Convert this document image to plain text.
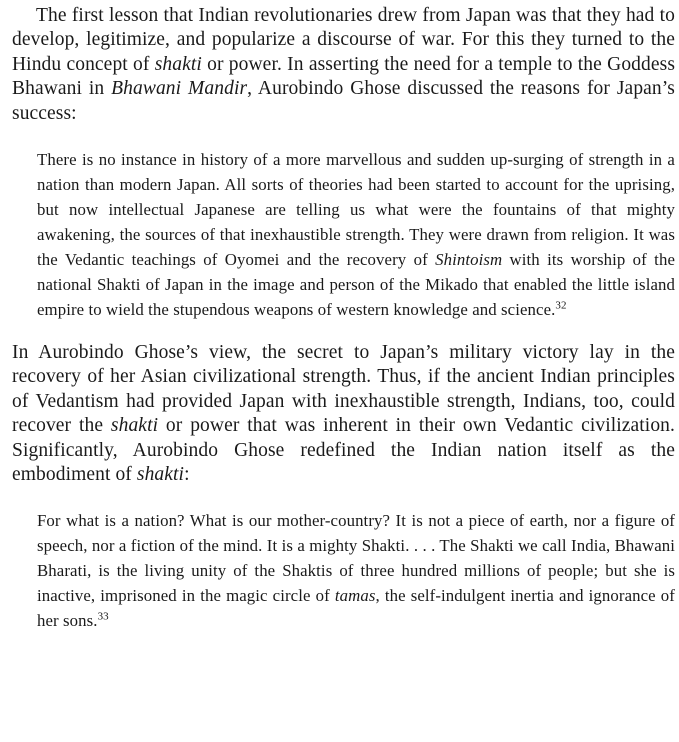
The first lesson that Indian revolutionaries drew from Japan was that they had to develop, legitimize, and popularize a discourse of war. For this they turned to the Hindu concept of shakti or power. In asserting the need for a temple to the Goddess Bhawani in Bhawani Mandir, Aurobindo Ghose discussed the reasons for Japan’s success:

There is no instance in history of a more marvellous and sudden up-surging of strength in a nation than modern Japan. All sorts of theories had been started to account for the uprising, but now intellectual Japanese are telling us what were the fountains of that mighty awakening, the sources of that inexhaustible strength. They were drawn from religion. It was the Vedantic teachings of Oyomei and the recovery of Shintoism with its worship of the national Shakti of Japan in the image and person of the Mikado that enabled the little island empire to wield the stupendous weapons of western knowledge and science.$^{32}$

In Aurobindo Ghose’s view, the secret to Japan’s military victory lay in the recovery of her Asian civilizational strength. Thus, if the ancient Indian principles of Vedantism had provided Japan with inexhaustible strength, Indians, too, could recover the shakti or power that was inherent in their own Vedantic civilization. Significantly, Aurobindo Ghose redefined the Indian nation itself as the embodiment of shakti:

For what is a nation? What is our mother-country? It is not a piece of earth, nor a figure of speech, nor a fiction of the mind. It is a mighty Shakti. . . . The Shakti we call India, Bhawani Bharati, is the living unity of the Shaktis of three hundred millions of people; but she is inactive, imprisoned in the magic circle of tamas, the self-indulgent inertia and ignorance of her sons.$^{33}$
